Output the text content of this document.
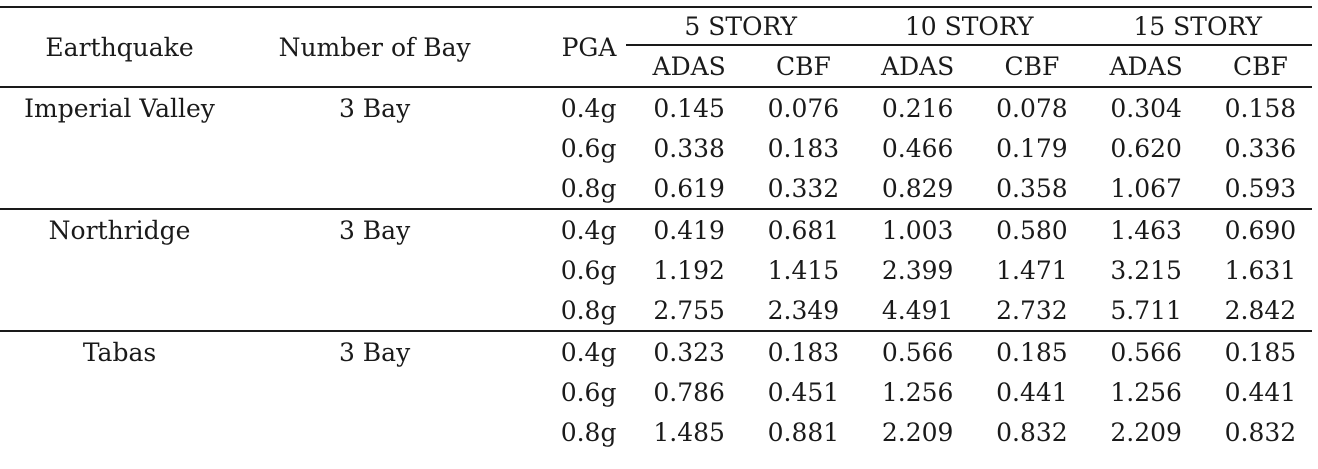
Earthquake	Number of Bay	PGA	5 STORY		10 STORY		15 STORY	
			ADAS	CBF	ADAS	CBF	ADAS	CBF
Imperial Valley	3 Bay	0.4g	0.145	0.076	0.216	0.078	0.304	0.158
		0.6g	0.338	0.183	0.466	0.179	0.620	0.336
		0.8g	0.619	0.332	0.829	0.358	1.067	0.593
Northridge	3 Bay	0.4g	0.419	0.681	1.003	0.580	1.463	0.690
		0.6g	1.192	1.415	2.399	1.471	3.215	1.631
		0.8g	2.755	2.349	4.491	2.732	5.711	2.842
Tabas	3 Bay	0.4g	0.323	0.183	0.566	0.185	0.566	0.185
		0.6g	0.786	0.451	1.256	0.441	1.256	0.441
		0.8g	1.485	0.881	2.209	0.832	2.209	0.832
